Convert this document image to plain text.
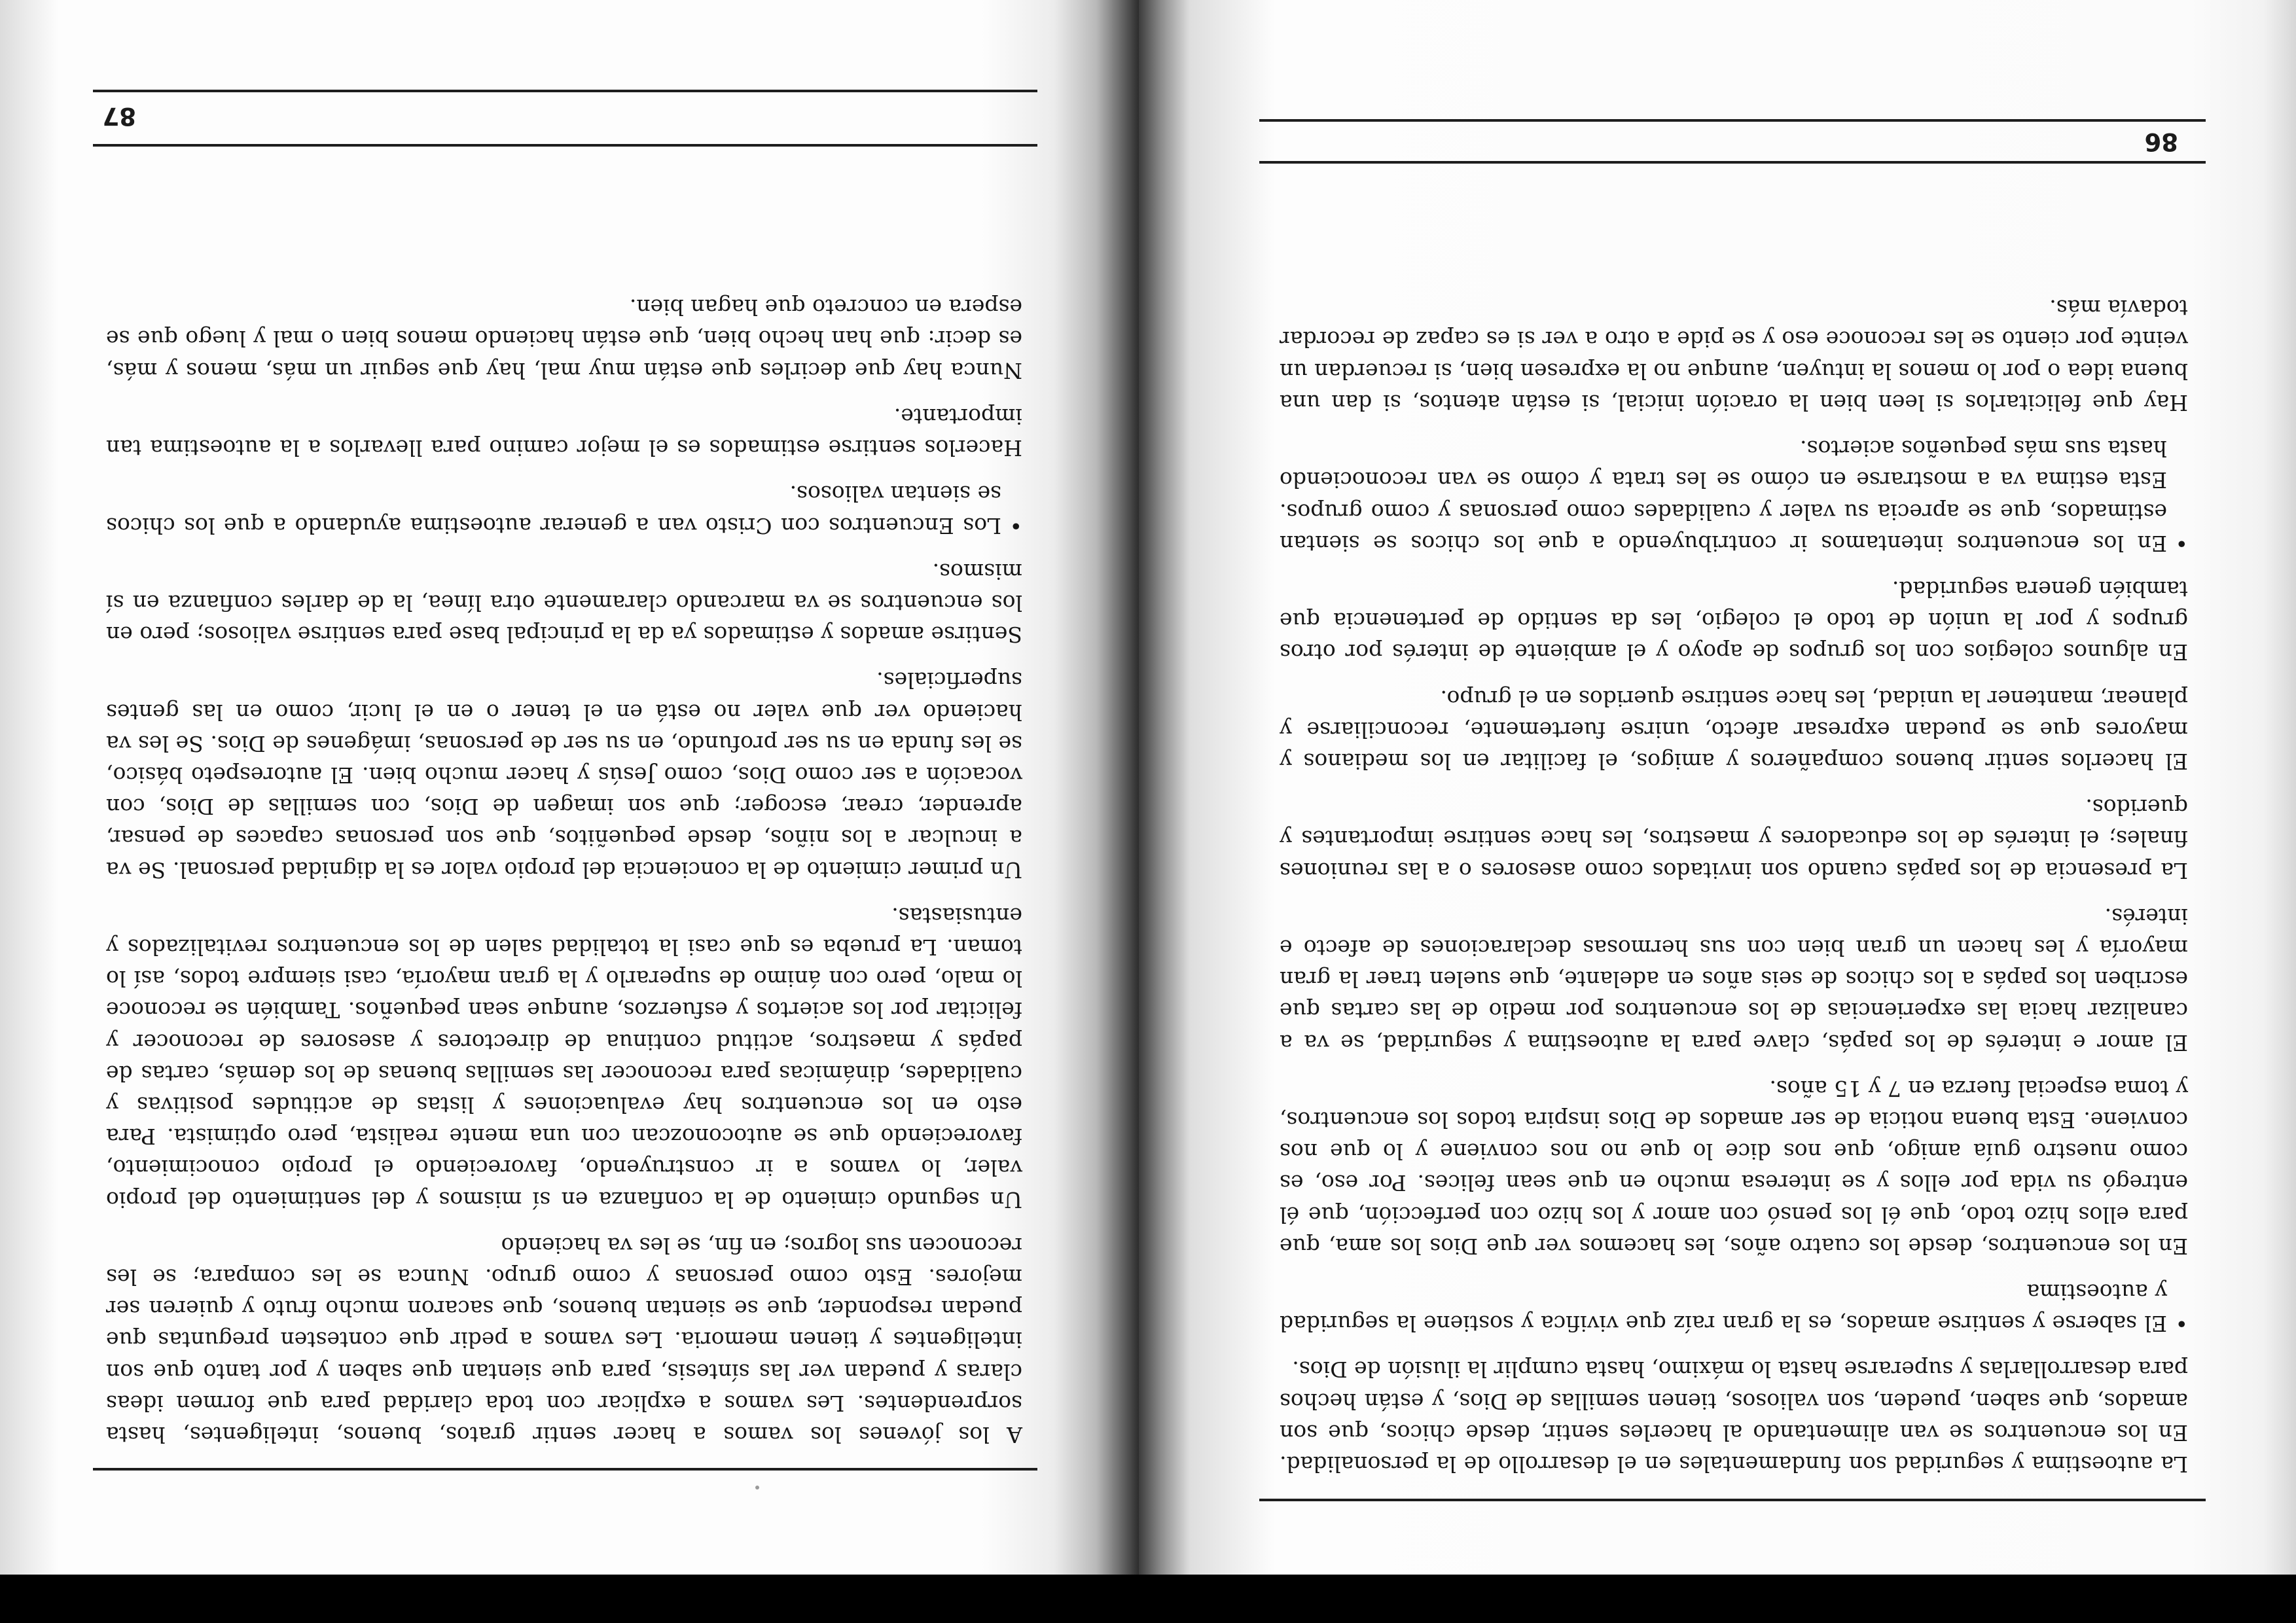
La autoestima y seguridad son fundamentales en el desarrollo de la personalidad. En los encuentros se van alimentando al hacerles sentir, desde chicos, que son amados, que saben, pueden, son valiosos, tienen semillas de Dios, y están hechos para desarrollarlas y superarse hasta lo máximo, hasta cumplir la ilusión de Dios.

•
El saberse y sentirse amados, es la gran raíz que vivifica y sostiene la seguridad y autoestima

En los encuentros, desde los cuatro años, les hacemos ver que Dios los ama, que para ellos hizo todo, que él los pensó con amor y los hizo con perfección, que él entregó su vida por ellos y se interesa mucho en que sean felices. Por eso, es como nuestro guía amigo, que nos dice lo que no nos conviene y lo que nos conviene. Esta buena noticia de ser amados de Dios inspira todos los encuentros, y toma especial fuerza en 7 y 15 años.

El amor e interés de los papás, clave para la autoestima y seguridad, se va a canalizar hacia las experiencias de los encuentros por medio de las cartas que escriben los papás a los chicos de seis años en adelante, que suelen traer la gran mayoría y les hacen un gran bien con sus hermosas declaraciones de afecto e interés.

La presencia de los papás cuando son invitados como asesores o a las reuniones finales; el interés de los educadores y maestros, les hace sentirse importantes y queridos.

El hacerlos sentir buenos compañeros y amigos, el facilitar en los medianos y mayores que se puedan expresar afecto, unirse fuertemente, reconciliarse y planear, mantener la unidad, les hace sentirse queridos en el grupo.

En algunos colegios con los grupos de apoyo y el ambiente de interés por otros grupos y por la unión de todo el colegio, les da sentido de pertenencia que también genera seguridad.

•
En los encuentros intentamos ir contribuyendo a que los chicos se sientan estimados, que se aprecia su valer y cualidades como personas y como grupos. Esta estima va a mostrarse en cómo se les trata y cómo se van reconociendo hasta sus más pequeños aciertos.

Hay que felicitarlos si leen bien la oración inicial, si están atentos, si dan una buena idea o por lo menos la intuyen, aunque no la expresen bien, si recuerdan un veinte por ciento se les reconoce eso y se pide a otro a ver si es capaz de recordar todavía más.

86

A los jóvenes los vamos a hacer sentir gratos, buenos, inteligentes, hasta sorprendentes. Les vamos a explicar con toda claridad para que formen ideas claras y puedan ver las síntesis, para que sientan que saben y por tanto que son inteligentes y tienen memoria. Les vamos a pedir que contesten preguntas que puedan responder, que se sientan buenos, que sacaron mucho fruto y quieren ser mejores. Esto como personas y como grupo. Nunca se les compara; se les reconocen sus logros; en fin, se les va haciendo

Un segundo cimiento de la confianza en sí mismos y del sentimiento del propio valer, lo vamos a ir construyendo, favoreciendo el propio conocimiento, favoreciendo que se autoconozcan con una mente realista, pero optimista. Para esto en los encuentros hay evaluaciones y listas de actitudes positivas y cualidades, dinámicas para reconocer las semillas buenas de los demás, cartas de papás y maestros, actitud continua de directores y asesores de reconocer y felicitar por los aciertos y esfuerzos, aunque sean pequeños. También se reconoce lo malo, pero con ánimo de superarlo y la gran mayoría, casi siempre todos, así lo toman. La prueba es que casi la totalidad salen de los encuentros revitalizados y entusiastas.

Un primer cimiento de la conciencia del propio valor es la dignidad personal. Se va a inculcar a los niños, desde pequeñitos, que son personas capaces de pensar, aprender, crear, escoger; que son imagen de Dios, con semillas de Dios, con vocación a ser como Dios, como Jesús y hacer mucho bien. El autorespeto básico, se les funda en su ser profundo, en su ser de personas, imágenes de Dios. Se les va haciendo ver que valer no está en el tener o en el lucir, como en las gentes superficiales.

Sentirse amados y estimados ya da la principal base para sentirse valiosos; pero en los encuentros se va marcando claramente otra línea, la de darles confianza en sí mismos.

•
Los Encuentros con Cristo van a generar autoestima ayudando a que los chicos se sientan valiosos.

Hacerlos sentirse estimados es el mejor camino para llevarlos a la autoestima tan importante.

Nunca hay que decirles que están muy mal, hay que seguir un más, menos y más, es decir: que han hecho bien, que están haciendo menos bien o mal y luego que se espera en concreto que hagan bien.

87
